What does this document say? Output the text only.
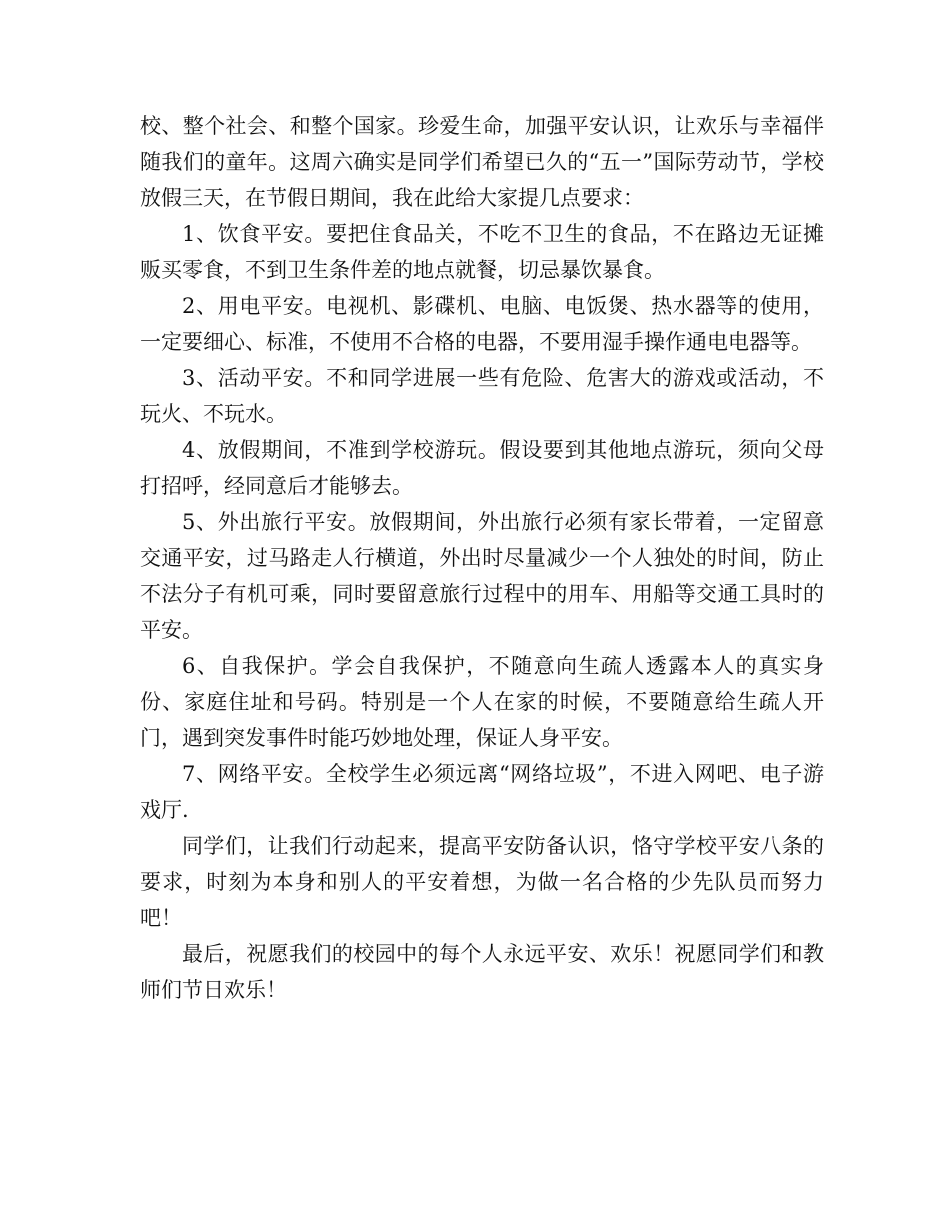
校、整个社会、和整个国家。珍爱生命，加强平安认识，让欢乐与幸福伴随我们的童年。这周六确实是同学们希望已久的“五一”国际劳动节，学校放假三天，在节假日期间，我在此给大家提几点要求：

1、饮食平安。要把住食品关，不吃不卫生的食品，不在路边无证摊贩买零食，不到卫生条件差的地点就餐，切忌暴饮暴食。

2、用电平安。电视机、影碟机、电脑、电饭煲、热水器等的使用，一定要细心、标准，不使用不合格的电器，不要用湿手操作通电电器等。

3、活动平安。不和同学进展一些有危险、危害大的游戏或活动，不玩火、不玩水。

4、放假期间，不准到学校游玩。假设要到其他地点游玩，须向父母打招呼，经同意后才能够去。

5、外出旅行平安。放假期间，外出旅行必须有家长带着，一定留意交通平安，过马路走人行横道，外出时尽量减少一个人独处的时间，防止不法分子有机可乘，同时要留意旅行过程中的用车、用船等交通工具时的平安。

6、自我保护。学会自我保护，不随意向生疏人透露本人的真实身份、家庭住址和号码。特别是一个人在家的时候，不要随意给生疏人开门，遇到突发事件时能巧妙地处理，保证人身平安。

7、网络平安。全校学生必须远离“网络垃圾”，不进入网吧、电子游戏厅.

同学们，让我们行动起来，提高平安防备认识，恪守学校平安八条的要求，时刻为本身和别人的平安着想，为做一名合格的少先队员而努力吧！

最后，祝愿我们的校园中的每个人永远平安、欢乐！祝愿同学们和教师们节日欢乐！
